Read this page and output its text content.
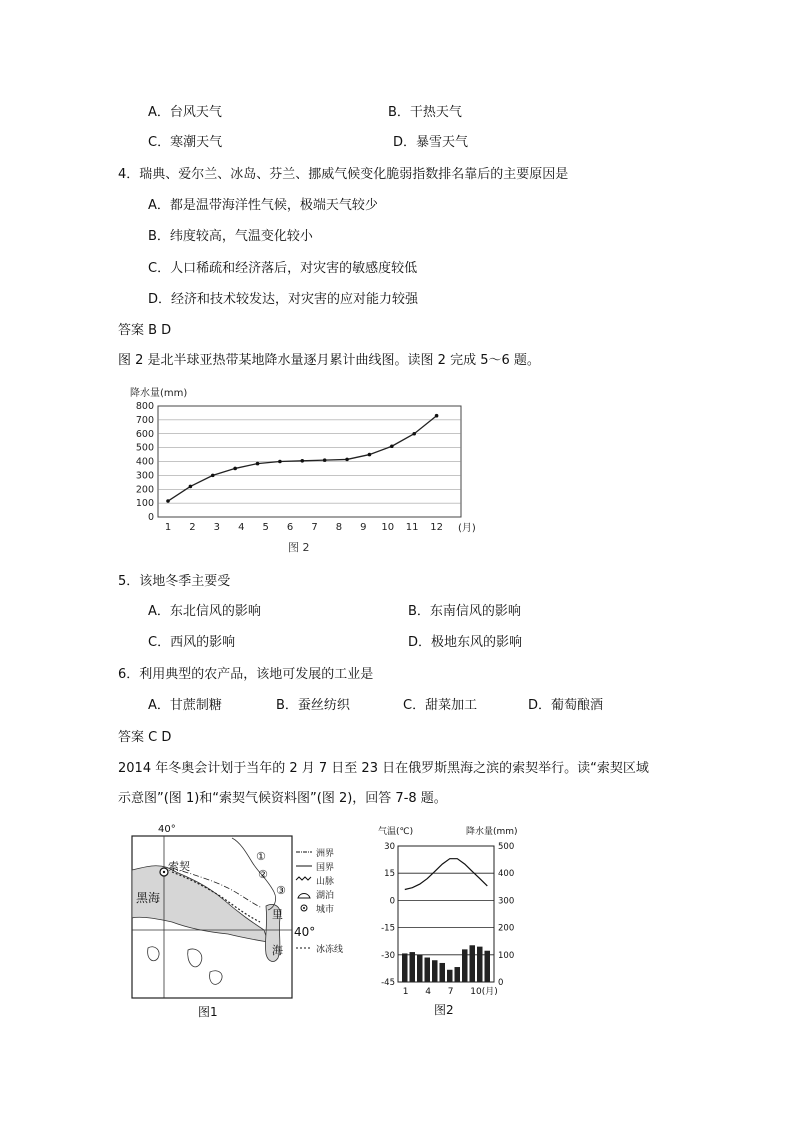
A．台风天气	B．干热天气
C．寒潮天气	D．暴雪天气
4．瑞典、爱尔兰、冰岛、芬兰、挪威气候变化脆弱指数排名靠后的主要原因是
A．都是温带海洋性气候，极端天气较少
B．纬度较高，气温变化较小
C．人口稀疏和经济落后，对灾害的敏感度较低
D．经济和技术较发达，对灾害的应对能力较强
答案 B D
图 2 是北半球亚热带某地降水量逐月累计曲线图。读图 2 完成 5～6 题。
降水量(mm)
0
100
200
300
400
500
600
700
800
1 2 3 4 5 6 7 8 9 10 11 12 (月)
图 2
5．该地冬季主要受
A．东北信风的影响	B．东南信风的影响
C．西风的影响	D．极地东风的影响
6．利用典型的农产品，该地可发展的工业是
A．甘蔗制糖	B．蚕丝纺织	C．甜菜加工	D．葡萄酿酒
答案 C D
2014 年冬奥会计划于当年的 2 月 7 日至 23 日在俄罗斯黑海之滨的索契举行。读“索契区域
示意图”(图 1)和“索契气候资料图”(图 2)，回答 7-8 题。
40°
索契
黑海
里
海
40°
①
②
③
洲界
国界
山脉
湖泊
城市
冰冻线
图1
气温(℃)	降水量(mm)
30
15
0
-15
-30
-45
500
400
300
200
100
0
1 4 7 10(月)
图2
